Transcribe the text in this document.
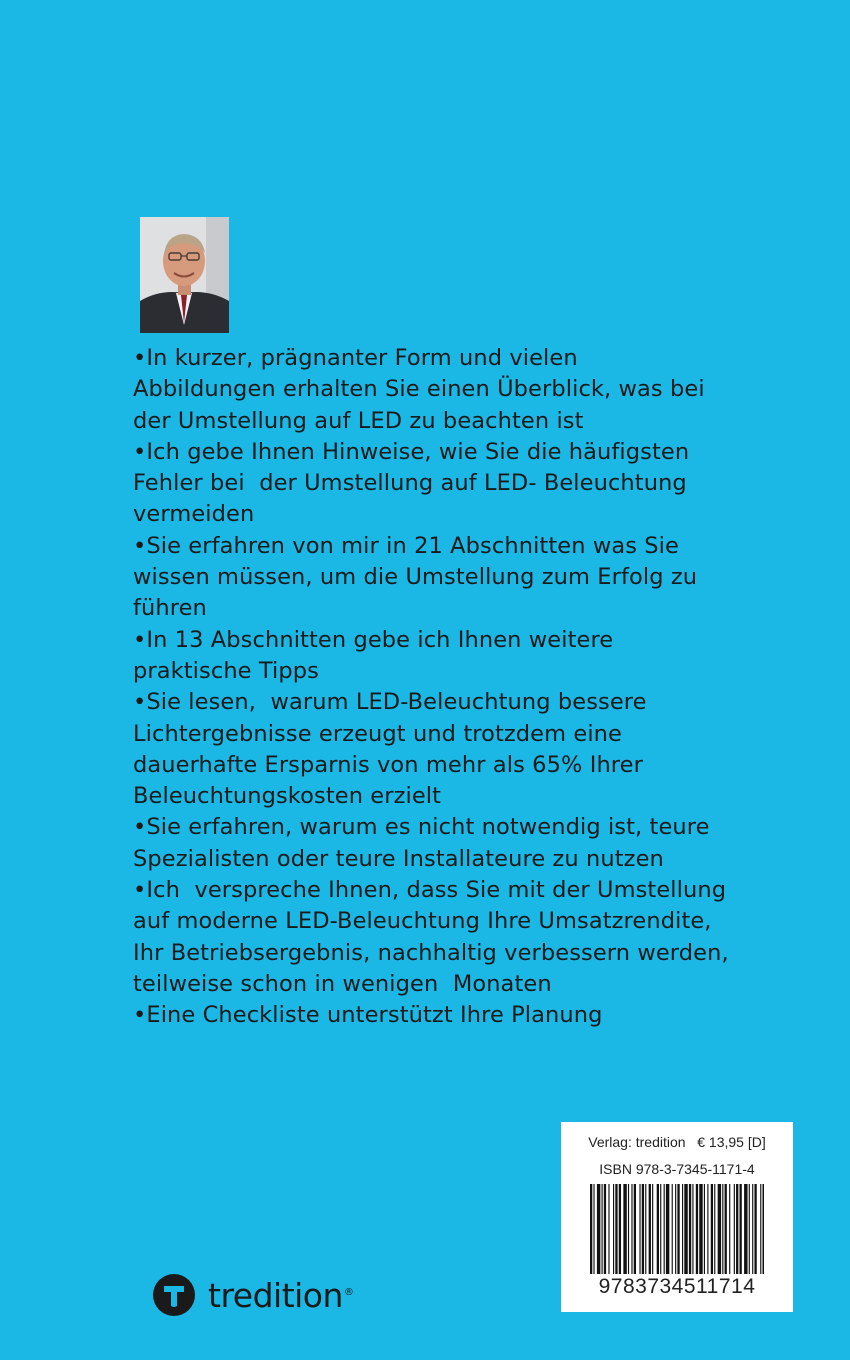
•In kurzer, prägnanter Form und vielen
Abbildungen erhalten Sie einen Überblick, was bei
der Umstellung auf LED zu beachten ist

•Ich gebe Ihnen Hinweise, wie Sie die häufigsten
Fehler bei  der Umstellung auf LED- Beleuchtung
vermeiden

•Sie erfahren von mir in 21 Abschnitten was Sie
wissen müssen, um die Umstellung zum Erfolg zu
führen

•In 13 Abschnitten gebe ich Ihnen weitere
praktische Tipps

•Sie lesen,  warum LED-Beleuchtung bessere
Lichtergebnisse erzeugt und trotzdem eine
dauerhafte Ersparnis von mehr als 65% Ihrer
Beleuchtungskosten erzielt

•Sie erfahren, warum es nicht notwendig ist, teure
Spezialisten oder teure Installateure zu nutzen

•Ich  verspreche Ihnen, dass Sie mit der Umstellung
auf moderne LED-Beleuchtung Ihre Umsatzrendite,
Ihr Betriebsergebnis, nachhaltig verbessern werden,
teilweise schon in wenigen  Monaten

•Eine Checkliste unterstützt Ihre Planung

Verlag: tredition € 13,95 [D]
ISBN 978-3-7345-1171-4
9783734511714
tredition®
